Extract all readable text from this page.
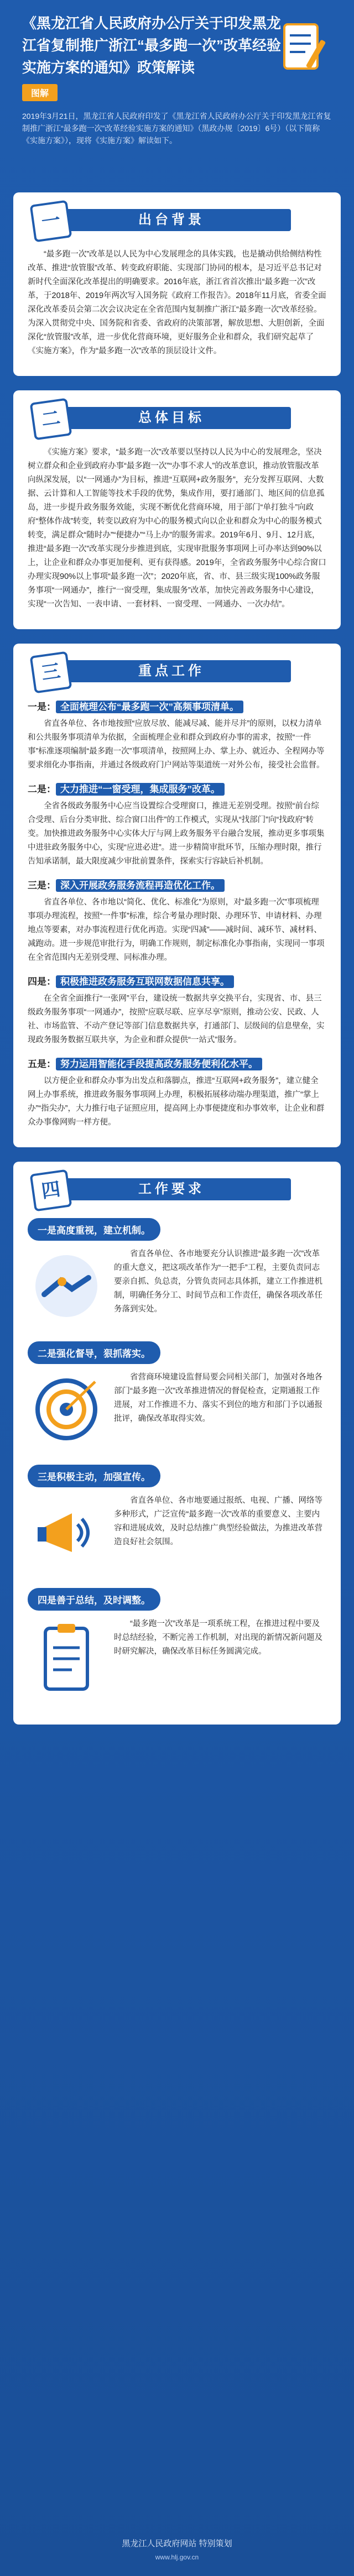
《黑龙江省人民政府办公厅关于印发黑龙江省复制推广浙江“最多跑一次”改革经验实施方案的通知》政策解读
图解
2019年3月21日，黑龙江省人民政府印发了《黑龙江省人民政府办公厅关于印发黑龙江省复制推广浙江“最多跑一次”改革经验实施方案的通知》（黑政办规〔2019〕6号）（以下简称《实施方案》），现将《实施方案》解读如下。
出台背景
一

“最多跑一次”改革是以人民为中心发展理念的具体实践，也是撬动供给侧结构性改革、推进“放管服”改革、转变政府职能、实现部门协同的根本，是习近平总书记对新时代全面深化改革提出的明确要求。2016年底，浙江省首次推出“最多跑一次”改革，于2018年、2019年两次写入国务院《政府工作报告》。2018年11月底，省委全面深化改革委员会第二次会议决定在全省范围内复制推广浙江“最多跑一次”改革经验。为深入贯彻党中央、国务院和省委、省政府的决策部署，解放思想、大胆创新，全面深化“放管服”改革，进一步优化营商环境，更好服务企业和群众，我们研究起草了《实施方案》，作为“最多跑一次”改革的顶层设计文件。

总体目标
二

《实施方案》要求，“最多跑一次”改革要以坚持以人民为中心的发展理念，坚决树立群众和企业到政府办事“最多跑一次”“办事不求人”的改革意识，推动放管服改革向纵深发展，以“一网通办”为目标，推进“互联网+政务服务”，充分发挥互联网、大数据、云计算和人工智能等技术手段的优势，集成作用，要打通部门、地区间的信息孤岛，进一步提升政务服务效能，实现不断优化营商环境，用于部门“单打独斗”向政府“整体作战”转变，转变以政府为中心的服务模式向以企业和群众为中心的服务模式转变，满足群众“随时办”“便捷办”“马上办”的服务需求。2019年6月、9月、12月底，推进“最多跑一次”改革实现分步推进到底，实现审批服务事项网上可办率达到90%以上，让企业和群众办事更加便利、更有获得感。2019年，全省政务服务中心综合窗口办理实现90%以上事项“最多跑一次”；2020年底，省、市、县三级实现100%政务服务事项“一网通办”，推行“一窗受理，集成服务”改革，加快完善政务服务中心建设，实现“一次告知、一表申请、一套材料、一窗受理、一网通办、一次办结”。

重点工作
三
一是： 全面梳理公布“最多跑一次”高频事项清单。

省直各单位、各市地按照“应放尽放、能减尽减、能并尽并”的原则，以权力清单和公共服务事项清单为依据，全面梳理企业和群众到政府办事的需求，按照“一件事”标准逐项编制“最多跑一次”事项清单，按照网上办、掌上办、就近办、全程网办等要求细化办事指南，并通过各级政府门户网站等渠道统一对外公布，接受社会监督。

二是： 大力推进“一窗受理，集成服务”改革。

全省各级政务服务中心应当设置综合受理窗口，推进无差别受理。按照“前台综合受理、后台分类审批、综合窗口出件”的工作模式，实现从“找部门”向“找政府”转变。加快推进政务服务中心实体大厅与网上政务服务平台融合发展，推动更多事项集中进驻政务服务中心，实现“应进必进”。进一步精简审批环节，压缩办理时限，推行告知承诺制，最大限度减少审批前置条件，探索实行容缺后补机制。

三是： 深入开展政务服务流程再造优化工作。

省直各单位、各市地以“简化、优化、标准化”为原则，对“最多跑一次”事项梳理事项办理流程，按照“一件事”标准，综合考量办理时限、办理环节、申请材料、办理地点等要素，对办事流程进行优化再造。实现“四减”——减时间、减环节、减材料、减跑动。进一步规范审批行为，明确工作规则，制定标准化办事指南，实现同一事项在全省范围内无差别受理、同标准办理。

四是： 积极推进政务服务互联网数据信息共享。

在全省全面推行“一张网”平台，建设统一数据共享交换平台，实现省、市、县三级政务服务事项“一网通办”，按照“应联尽联、应享尽享”原则，推动公安、民政、人社、市场监管、不动产登记等部门信息数据共享，打通部门、层级间的信息壁垒，实现政务服务数据互联共享，为企业和群众提供“一站式”服务。

五是： 努力运用智能化手段提高政务服务便利化水平。

以方便企业和群众办事为出发点和落脚点，推进“互联网+政务服务”，建立健全网上办事系统，推进政务服务事项网上办理，积极拓展移动端办理渠道，推广“掌上办”“指尖办”，大力推行电子证照应用，提高网上办事便捷度和办事效率，让企业和群众办事像网购一样方便。

工作要求
四
一是高度重视，建立机制。
省直各单位、各市地要充分认识推进“最多跑一次”改革的重大意义，把这项改革作为“一把手”工程，主要负责同志要亲自抓、负总责，分管负责同志具体抓，建立工作推进机制，明确任务分工、时间节点和工作责任，确保各项改革任务落到实处。
二是强化督导，狠抓落实。
省营商环境建设监督局要会同相关部门，加强对各地各部门“最多跑一次”改革推进情况的督促检查，定期通报工作进展，对工作推进不力、落实不到位的地方和部门予以通报批评，确保改革取得实效。
三是积极主动，加强宣传。
省直各单位、各市地要通过报纸、电视、广播、网络等多种形式，广泛宣传“最多跑一次”改革的重要意义、主要内容和进展成效，及时总结推广典型经验做法，为推进改革营造良好社会氛围。
四是善于总结，及时调整。
“最多跑一次”改革是一项系统工程，在推进过程中要及时总结经验，不断完善工作机制，对出现的新情况新问题及时研究解决，确保改革目标任务圆满完成。
黑龙江人民政府网站 特别策划
www.hlj.gov.cn
